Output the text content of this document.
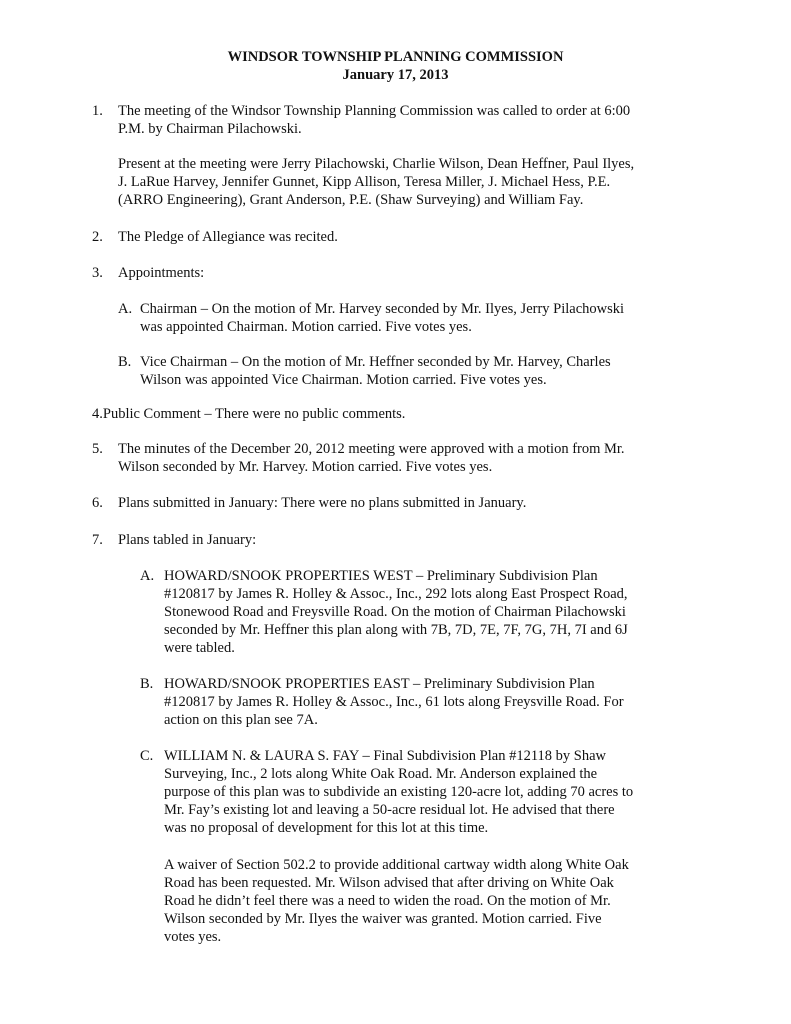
WINDSOR TOWNSHIP PLANNING COMMISSION
January 17, 2013
1. The meeting of the Windsor Township Planning Commission was called to order at 6:00
P.M. by Chairman Pilachowski.
Present at the meeting were Jerry Pilachowski, Charlie Wilson, Dean Heffner, Paul Ilyes,
J. LaRue Harvey, Jennifer Gunnet, Kipp Allison, Teresa Miller, J. Michael Hess, P.E.
(ARRO Engineering), Grant Anderson, P.E. (Shaw Surveying) and William Fay.
2. The Pledge of Allegiance was recited.
3. Appointments:
A. Chairman – On the motion of Mr. Harvey seconded by Mr. Ilyes, Jerry Pilachowski
was appointed Chairman. Motion carried. Five votes yes.
B. Vice Chairman – On the motion of Mr. Heffner seconded by Mr. Harvey, Charles
Wilson was appointed Vice Chairman. Motion carried. Five votes yes.
4.Public Comment – There were no public comments.
5. The minutes of the December 20, 2012 meeting were approved with a motion from Mr.
Wilson seconded by Mr. Harvey. Motion carried. Five votes yes.
6. Plans submitted in January: There were no plans submitted in January.
7. Plans tabled in January:
A. HOWARD/SNOOK PROPERTIES WEST – Preliminary Subdivision Plan
#120817 by James R. Holley & Assoc., Inc., 292 lots along East Prospect Road,
Stonewood Road and Freysville Road. On the motion of Chairman Pilachowski
seconded by Mr. Heffner this plan along with 7B, 7D, 7E, 7F, 7G, 7H, 7I and 6J
were tabled.
B. HOWARD/SNOOK PROPERTIES EAST – Preliminary Subdivision Plan
#120817 by James R. Holley & Assoc., Inc., 61 lots along Freysville Road. For
action on this plan see 7A.
C. WILLIAM N. & LAURA S. FAY – Final Subdivision Plan #12118 by Shaw
Surveying, Inc., 2 lots along White Oak Road. Mr. Anderson explained the
purpose of this plan was to subdivide an existing 120-acre lot, adding 70 acres to
Mr. Fay’s existing lot and leaving a 50-acre residual lot. He advised that there
was no proposal of development for this lot at this time.
A waiver of Section 502.2 to provide additional cartway width along White Oak
Road has been requested. Mr. Wilson advised that after driving on White Oak
Road he didn’t feel there was a need to widen the road. On the motion of Mr.
Wilson seconded by Mr. Ilyes the waiver was granted. Motion carried. Five
votes yes.
